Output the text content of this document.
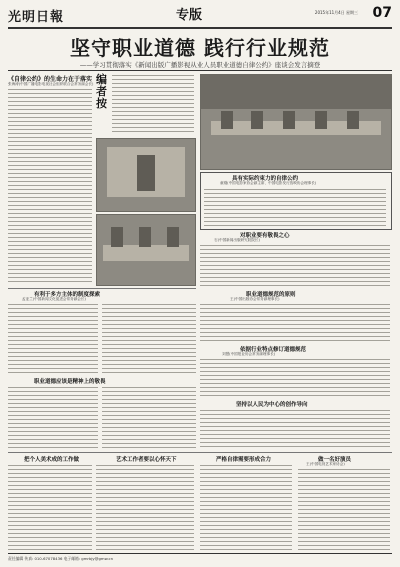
光明日報	专版	2015年11月4日 星期三 07
坚守职业道德 践行行业规范
——学习贯彻落实《新闻出版广播影视从业人员职业道德自律公约》座谈会发言摘登
《自律公约》的生命力在于落实
张海涛(中国广播电影电视社会组织联合会常务副会长) 编者按
具有实际约束力的自律公约
童刚(中国电影家协会副主席、中国电影发行放映协会理事长)
对职业要有敬畏之心
石(中国新闻出版研究院院长)
有利于多方主体的制度探索
孟亚兰(中国新闻文化促进会常务副会长)
职业道德规范的原则
王(中国出版协会常务副理事长)
依据行业特点修订道德规范
刘慧(中国报业协会常务副理事长)
职业道德应该是精神上的敬畏
坚持以人民为中心的创作导向
把个人美术成的工作做	艺术工作者要以心怀天下	严格自律需要形成合力	做一名好演员
王(中国电视艺术家协会)
责任编辑 传真: 010-67078436 电子邮箱: gmrbjy@gmw.cn
